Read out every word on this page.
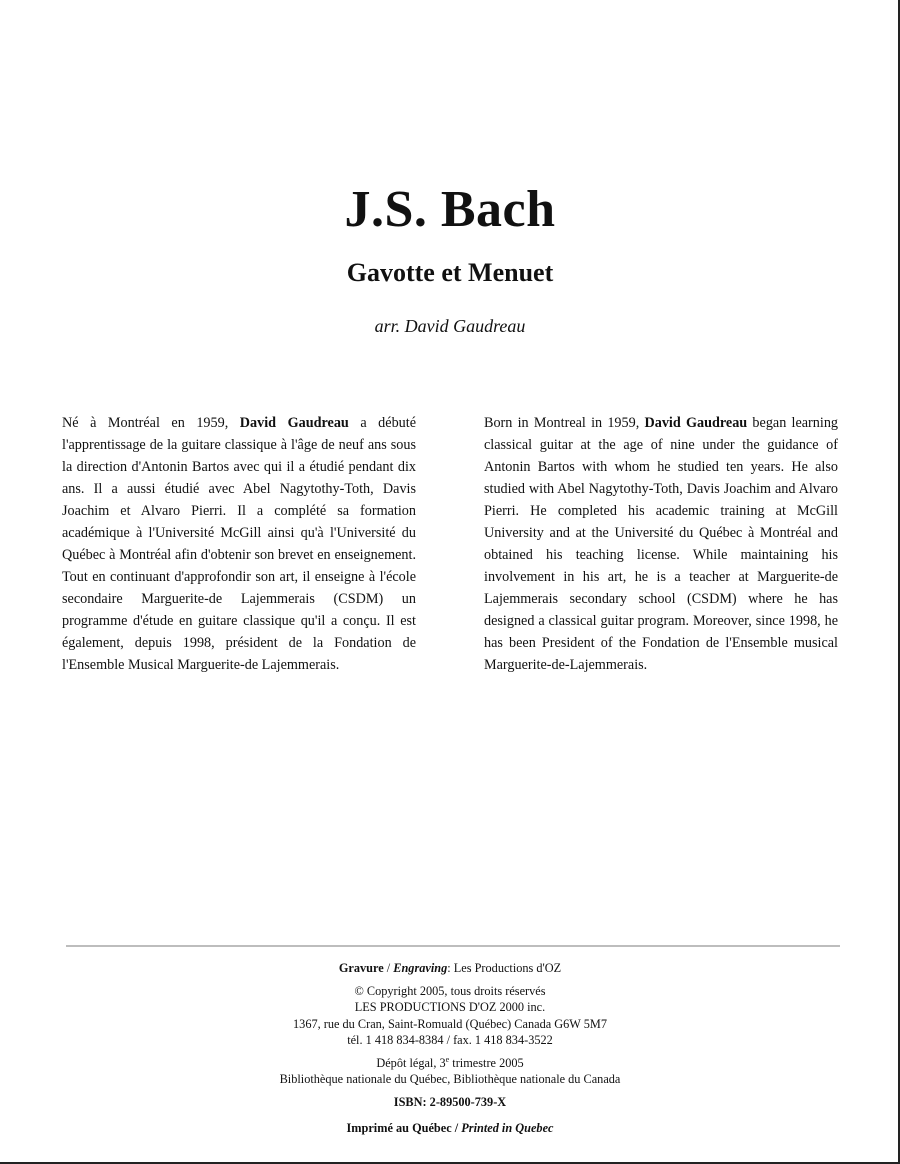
J.S. Bach
Gavotte et Menuet
arr. David Gaudreau
Né à Montréal en 1959, David Gaudreau a débuté l'apprentissage de la guitare classique à l'âge de neuf ans sous la direction d'Antonin Bartos avec qui il a étudié pendant dix ans. Il a aussi étudié avec Abel Nagytothy-Toth, Davis Joachim et Alvaro Pierri. Il a complété sa formation académique à l'Université McGill ainsi qu'à l'Université du Québec à Montréal afin d'obtenir son brevet en enseignement. Tout en continuant d'approfondir son art, il enseigne à l'école secondaire Marguerite-de Lajemmerais (CSDM) un programme d'étude en guitare classique qu'il a conçu. Il est également, depuis 1998, président de la Fondation de l'Ensemble Musical Marguerite-de Lajemmerais.
Born in Montreal in 1959, David Gaudreau began learning classical guitar at the age of nine under the guidance of Antonin Bartos with whom he studied ten years. He also studied with Abel Nagytothy-Toth, Davis Joachim and Alvaro Pierri. He completed his academic training at McGill University and at the Université du Québec à Montréal and obtained his teaching license. While maintaining his involvement in his art, he is a teacher at Marguerite-de Lajemmerais secondary school (CSDM) where he has designed a classical guitar program. Moreover, since 1998, he has been President of the Fondation de l'Ensemble musical Marguerite-de-Lajemmerais.

Gravure / Engraving: Les Productions d'OZ

© Copyright 2005, tous droits réservés

LES PRODUCTIONS D'OZ 2000 inc.

1367, rue du Cran, Saint-Romuald (Québec) Canada G6W 5M7

tél. 1 418 834-8384 / fax. 1 418 834-3522

Dépôt légal, 3e trimestre 2005

Bibliothèque nationale du Québec, Bibliothèque nationale du Canada

ISBN: 2-89500-739-X

Imprimé au Québec / Printed in Quebec
